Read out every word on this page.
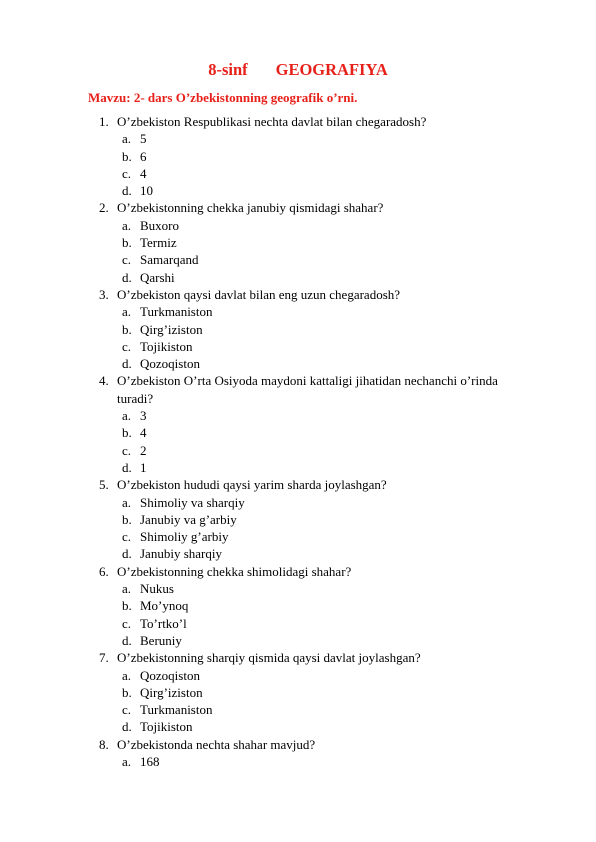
8-sinf GEOGRAFIYA
Mavzu: 2- dars O’zbekistonning geografik o’rni.
1. O’zbekiston Respublikasi nechta davlat bilan chegaradosh?
a. 5
b. 6
c. 4
d. 10
2. O’zbekistonning chekka janubiy qismidagi shahar?
a. Buxoro
b. Termiz
c. Samarqand
d. Qarshi
3. O’zbekiston qaysi davlat bilan eng uzun chegaradosh?
a. Turkmaniston
b. Qirg’iziston
c. Tojikiston
d. Qozoqiston
4. O’zbekiston O’rta Osiyoda maydoni kattaligi jihatidan nechanchi o’rinda turadi?
a. 3
b. 4
c. 2
d. 1
5. O’zbekiston hududi qaysi yarim sharda joylashgan?
a. Shimoliy va sharqiy
b. Janubiy va g’arbiy
c. Shimoliy g’arbiy
d. Janubiy sharqiy
6. O’zbekistonning chekka shimolidagi shahar?
a. Nukus
b. Mo’ynoq
c. To’rtko’l
d. Beruniy
7. O’zbekistonning sharqiy qismida qaysi davlat joylashgan?
a. Qozoqiston
b. Qirg’iziston
c. Turkmaniston
d. Tojikiston
8. O’zbekistonda nechta shahar mavjud?
a. 168
